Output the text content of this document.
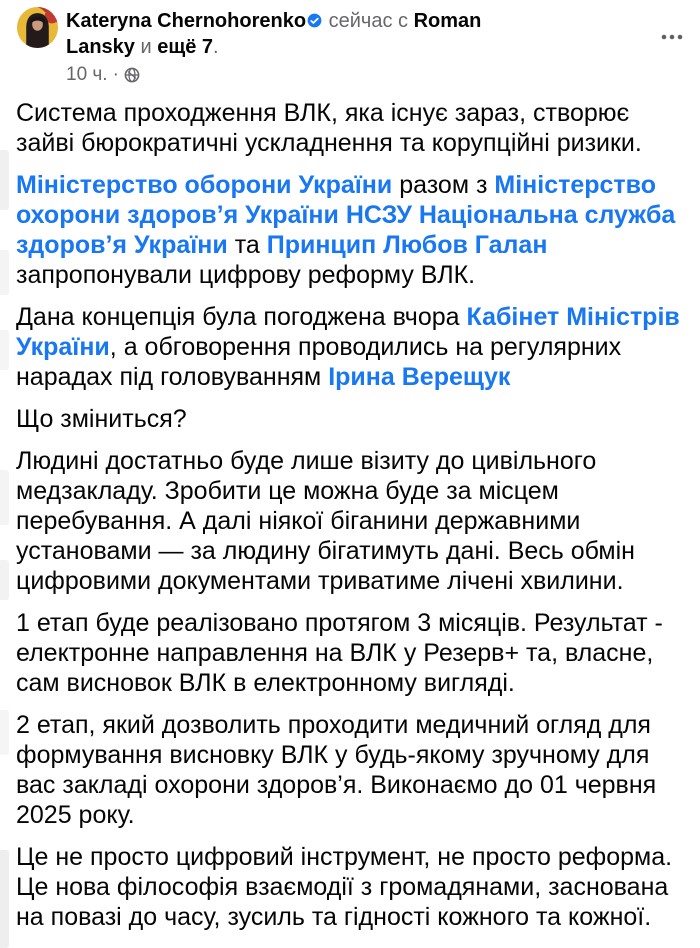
Kateryna Chernohorenko сейчас с Roman Lansky и ещё 7.
10 ч. ·
Система проходження ВЛК, яка існує зараз, створює зайві бюрократичні ускладнення та корупційні ризики.
Міністерство оборони України разом з Міністерство охорони здоров’я України НСЗУ Національна служба здоров’я України та Принцип Любов Галан запропонували цифрову реформу ВЛК.
Дана концепція була погоджена вчора Кабінет Міністрів України, а обговорення проводились на регулярних нарадах під головуванням Ірина Верещук
Що зміниться?
Людині достатньо буде лише візиту до цивільного медзакладу. Зробити це можна буде за місцем перебування. А далі ніякої біганини державними установами — за людину бігатимуть дані. Весь обмін цифровими документами триватиме лічені хвилини.
1 етап буде реалізовано протягом 3 місяців. Результат - електронне направлення на ВЛК у Резерв+ та, власне, сам висновок ВЛК в електронному вигляді.
2 етап, який дозволить проходити медичний огляд для формування висновку ВЛК у будь-якому зручному для вас закладі охорони здоров’я. Виконаємо до 01 червня 2025 року.
Це не просто цифровий інструмент, не просто реформа. Це нова філософія взаємодії з громадянами, заснована на повазі до часу, зусиль та гідності кожного та кожної.
